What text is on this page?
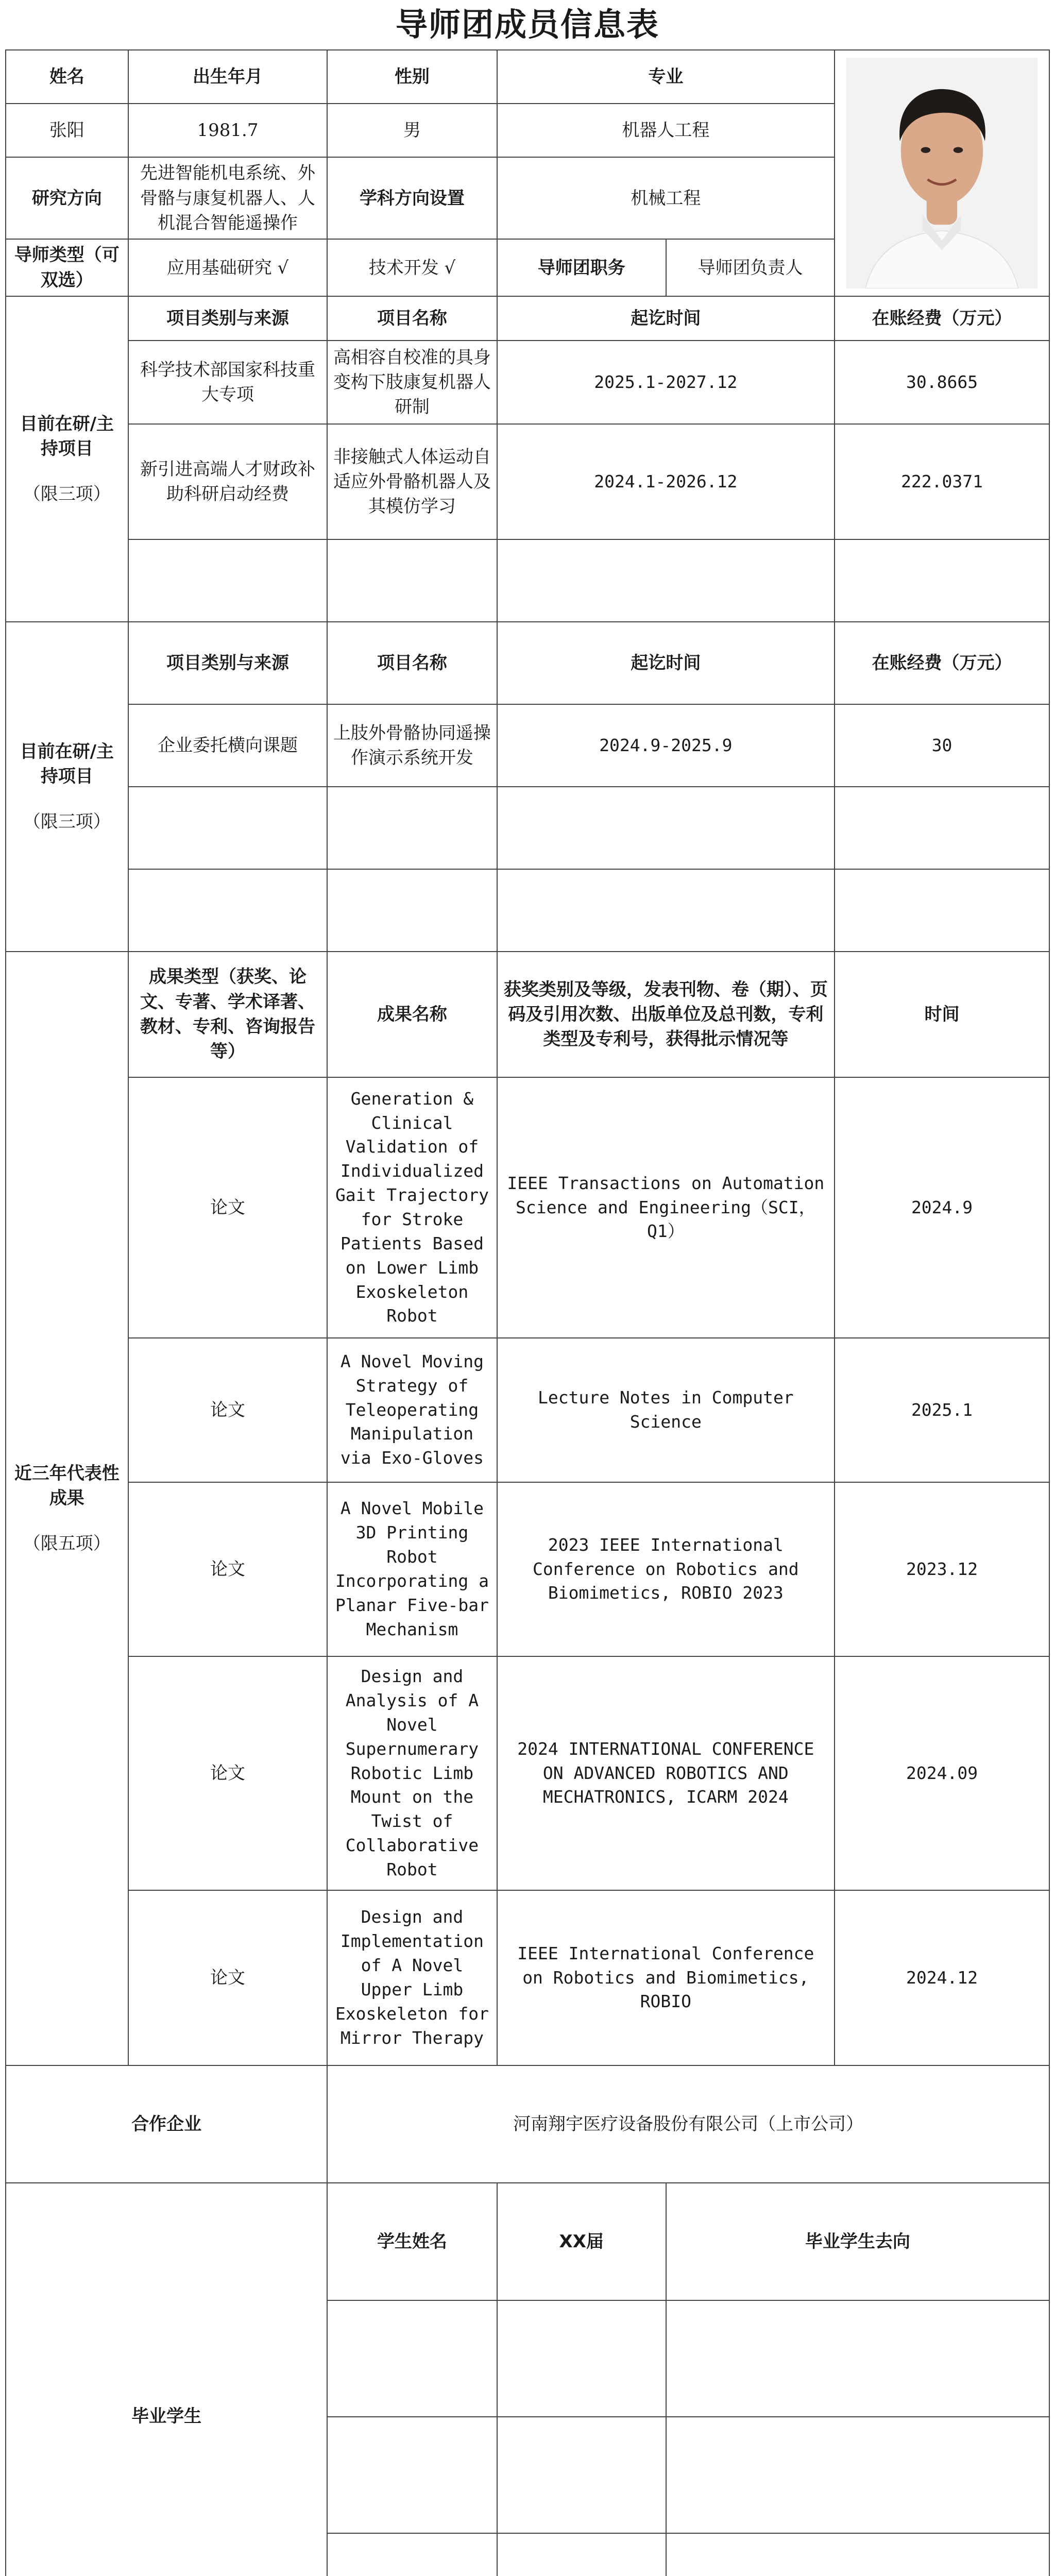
导师团成员信息表
姓名	出生年月	性别	专业	

张阳	1981.7	男	机器人工程		
研究方向	先进智能机电系统、外骨骼与康复机器人、人机混合智能遥操作	学科方向设置	机械工程		
导师类型（可双选）	应用基础研究 √	技术开发 √	导师团职务	导师团负责人	
目前在研/主持项目
（限三项）	项目类别与来源	项目名称	起讫时间		在账经费（万元）
	科学技术部国家科技重大专项	高相容自校准的具身变构下肢康复机器人研制	2025.1-2027.12		30.8665
	新引进高端人才财政补助科研启动经费	非接触式人体运动自适应外骨骼机器人及其模仿学习	2024.1-2026.12		222.0371

目前在研/主持项目
（限三项）	项目类别与来源	项目名称	起讫时间		在账经费（万元）
	企业委托横向课题	上肢外骨骼协同遥操作演示系统开发	2024.9-2025.9		30

近三年代表性成果
（限五项）	成果类型（获奖、论文、专著、学术译著、教材、专利、咨询报告等）	成果名称	获奖类别及等级，发表刊物、卷（期）、页码及引用次数、出版单位及总刊数，专利类型及专利号，获得批示情况等		时间
	论文	Generation & Clinical Validation of Individualized Gait Trajectory for Stroke Patients Based on Lower Limb Exoskeleton Robot	IEEE Transactions on Automation Science and Engineering（SCI，Q1）		2024.9
	论文	A Novel Moving Strategy of Teleoperating Manipulation via Exo-Gloves	Lecture Notes in Computer Science		2025.1
	论文	A Novel Mobile 3D Printing Robot Incorporating a Planar Five-bar Mechanism	2023 IEEE International Conference on Robotics and Biomimetics, ROBIO 2023		2023.12
	论文	Design and Analysis of A Novel Supernumerary Robotic Limb Mount on the Twist of Collaborative Robot	2024 INTERNATIONAL CONFERENCE ON ADVANCED ROBOTICS AND MECHATRONICS, ICARM 2024		2024.09
	论文	Design and Implementation of A Novel Upper Limb Exoskeleton for Mirror Therapy	IEEE International Conference on Robotics and Biomimetics, ROBIO		2024.12
合作企业		河南翔宇医疗设备股份有限公司（上市公司）			
毕业学生		学生姓名	XX届	毕业学生去向	
